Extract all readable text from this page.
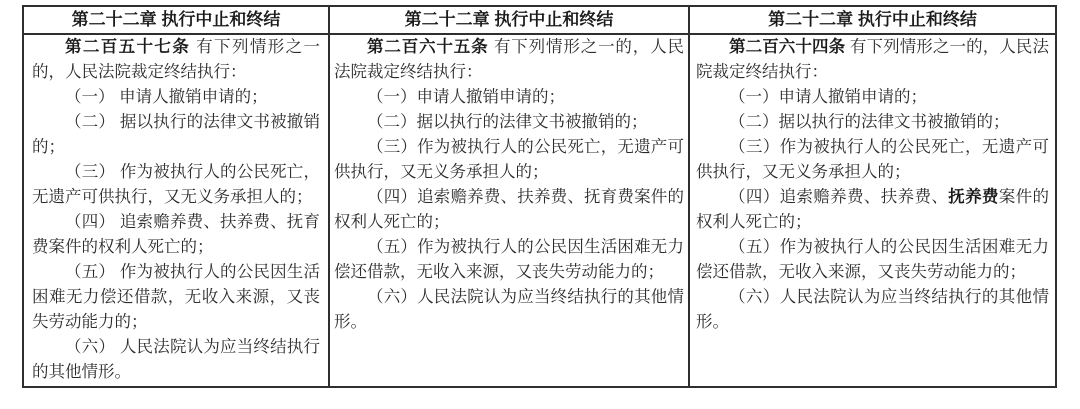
第二十二章 执行中止和终结

第二百五十七条 有下列情形之一的，人民法院裁定终结执行：

（一） 申请人撤销申请的；

（二） 据以执行的法律文书被撤销的；

（三） 作为被执行人的公民死亡，无遗产可供执行，又无义务承担人的；

（四） 追索赡养费、扶养费、抚育费案件的权利人死亡的；

（五） 作为被执行人的公民因生活困难无力偿还借款，无收入来源，又丧失劳动能力的；

（六） 人民法院认为应当终结执行的其他情形。

第二十二章 执行中止和终结

第二百六十五条 有下列情形之一的，人民法院裁定终结执行：

（一）申请人撤销申请的；

（二）据以执行的法律文书被撤销的；

（三）作为被执行人的公民死亡，无遗产可供执行，又无义务承担人的；

（四）追索赡养费、扶养费、抚育费案件的权利人死亡的；

（五）作为被执行人的公民因生活困难无力偿还借款，无收入来源，又丧失劳动能力的；

（六）人民法院认为应当终结执行的其他情形。

第二十二章 执行中止和终结

第二百六十四条 有下列情形之一的，人民法院裁定终结执行：

（一）申请人撤销申请的；

（二）据以执行的法律文书被撤销的；

（三）作为被执行人的公民死亡，无遗产可供执行，又无义务承担人的；

（四）追索赡养费、扶养费、抚养费案件的权利人死亡的；

（五）作为被执行人的公民因生活困难无力偿还借款，无收入来源，又丧失劳动能力的；

（六）人民法院认为应当终结执行的其他情形。
